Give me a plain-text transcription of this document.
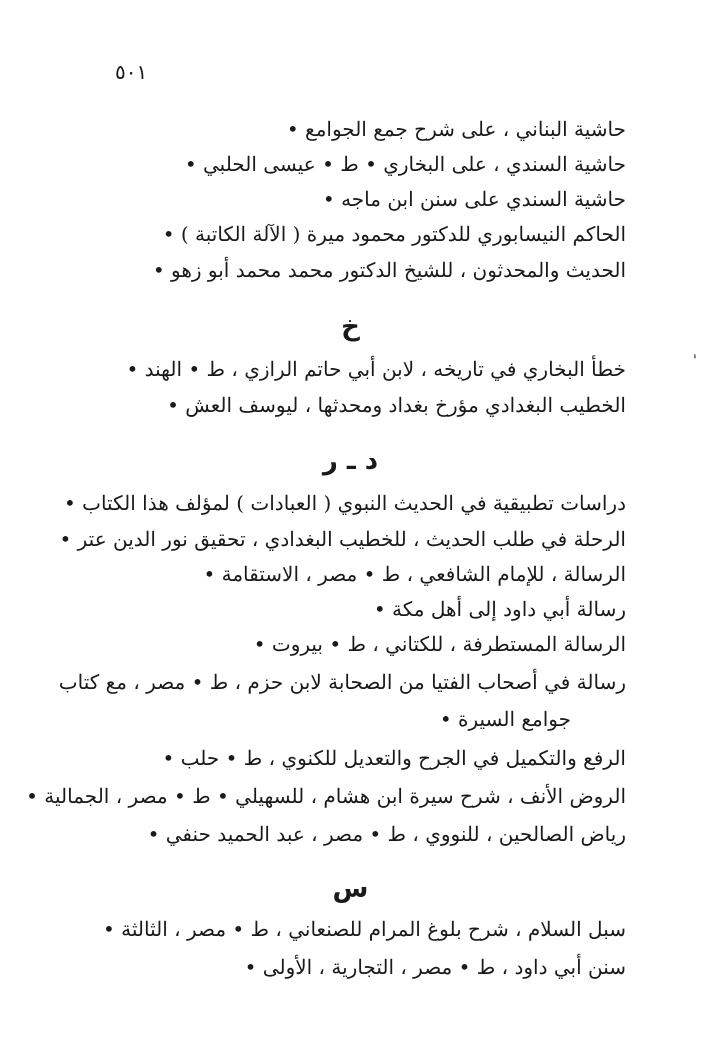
٥٠١
حاشية البناني ، على شرح جمع الجوامع •
حاشية السندي ، على البخاري • ط • عيسى الحلبي •
حاشية السندي على سنن ابن ماجه •
الحاكم النيسابوري للدكتور محمود ميرة ( الآلة الكاتبة ) •
الحديث والمحدثون ، للشيخ الدكتور محمد محمد أبو زهو •
خ
خطأ البخاري في تاريخه ، لابن أبي حاتم الرازي ، ط • الهند •
الخطيب البغدادي مؤرخ بغداد ومحدثها ، ليوسف العش •
د ـ ر
دراسات تطبيقية في الحديث النبوي ( العبادات ) لمؤلف هذا الكتاب •
الرحلة في طلب الحديث ، للخطيب البغدادي ، تحقيق نور الدين عتر •
الرسالة ، للإمام الشافعي ، ط • مصر ، الاستقامة •
رسالة أبي داود إلى أهل مكة •
الرسالة المستطرفة ، للكتاني ، ط • بيروت •
رسالة في أصحاب الفتيا من الصحابة لابن حزم ، ط • مصر ، مع كتاب
جوامع السيرة •
الرفع والتكميل في الجرح والتعديل للكنوي ، ط • حلب •
الروض الأنف ، شرح سيرة ابن هشام ، للسهيلي • ط • مصر ، الجمالية •
رياض الصالحين ، للنووي ، ط • مصر ، عبد الحميد حنفي •
س
سبل السلام ، شرح بلوغ المرام للصنعاني ، ط • مصر ، الثالثة •
سنن أبي داود ، ط • مصر ، التجارية ، الأولى •
'
